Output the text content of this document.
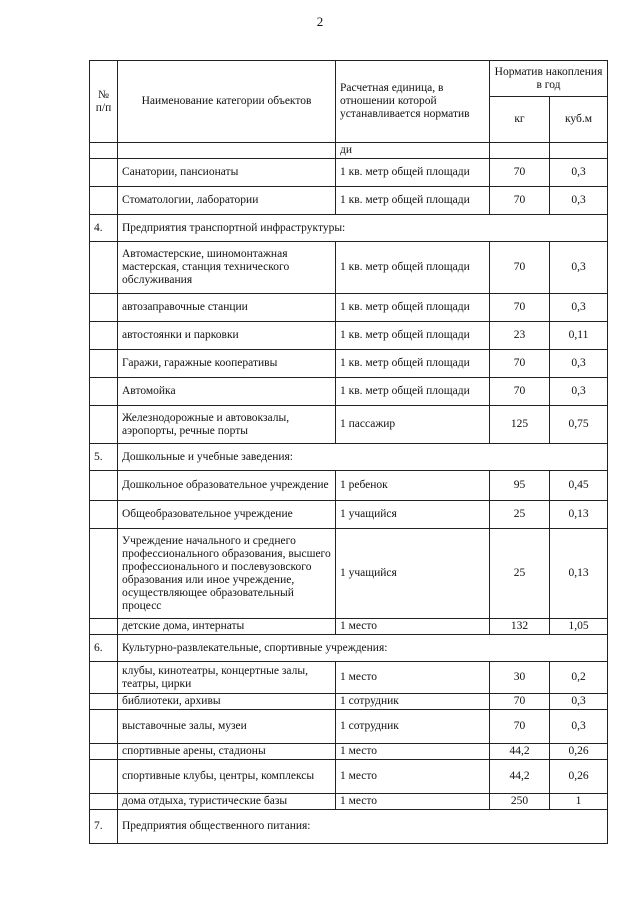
2
№ п/п	Наименование категории объектов	Расчетная единица, в отношении которой устанавливается норматив	Норматив накопления в год	
			кг	куб.м
		ди		
	Санатории, пансионаты	1 кв. метр общей площади	70	0,3
	Стоматологии, лаборатории	1 кв. метр общей площади	70	0,3
4.	Предприятия транспортной инфраструктуры:			
	Автомастерские, шиномонтажная мастерская, станция технического обслуживания	1 кв. метр общей площади	70	0,3
	автозаправочные станции	1 кв. метр общей площади	70	0,3
	автостоянки и парковки	1 кв. метр общей площади	23	0,11
	Гаражи, гаражные кооперативы	1 кв. метр общей площади	70	0,3
	Автомойка	1 кв. метр общей площади	70	0,3
	Железнодорожные и автовокзалы, аэропорты, речные порты	1 пассажир	125	0,75
5.	Дошкольные и учебные заведения:			
	Дошкольное образовательное учреждение	1 ребенок	95	0,45
	Общеобразовательное учреждение	1 учащийся	25	0,13
	Учреждение начального и среднего профессионального образования, высшего профессионального и послевузовского образования или иное учреждение, осуществляющее образовательный процесс	1 учащийся	25	0,13
	детские дома, интернаты	1 место	132	1,05
6.	Культурно-развлекательные, спортивные учреждения:			
	клубы, кинотеатры, концертные залы, театры, цирки	1 место	30	0,2
	библиотеки, архивы	1 сотрудник	70	0,3
	выставочные залы, музеи	1 сотрудник	70	0,3
	спортивные арены, стадионы	1 место	44,2	0,26
	спортивные клубы, центры, комплексы	1 место	44,2	0,26
	дома отдыха, туристические базы	1 место	250	1
7.	Предприятия общественного питания:			
